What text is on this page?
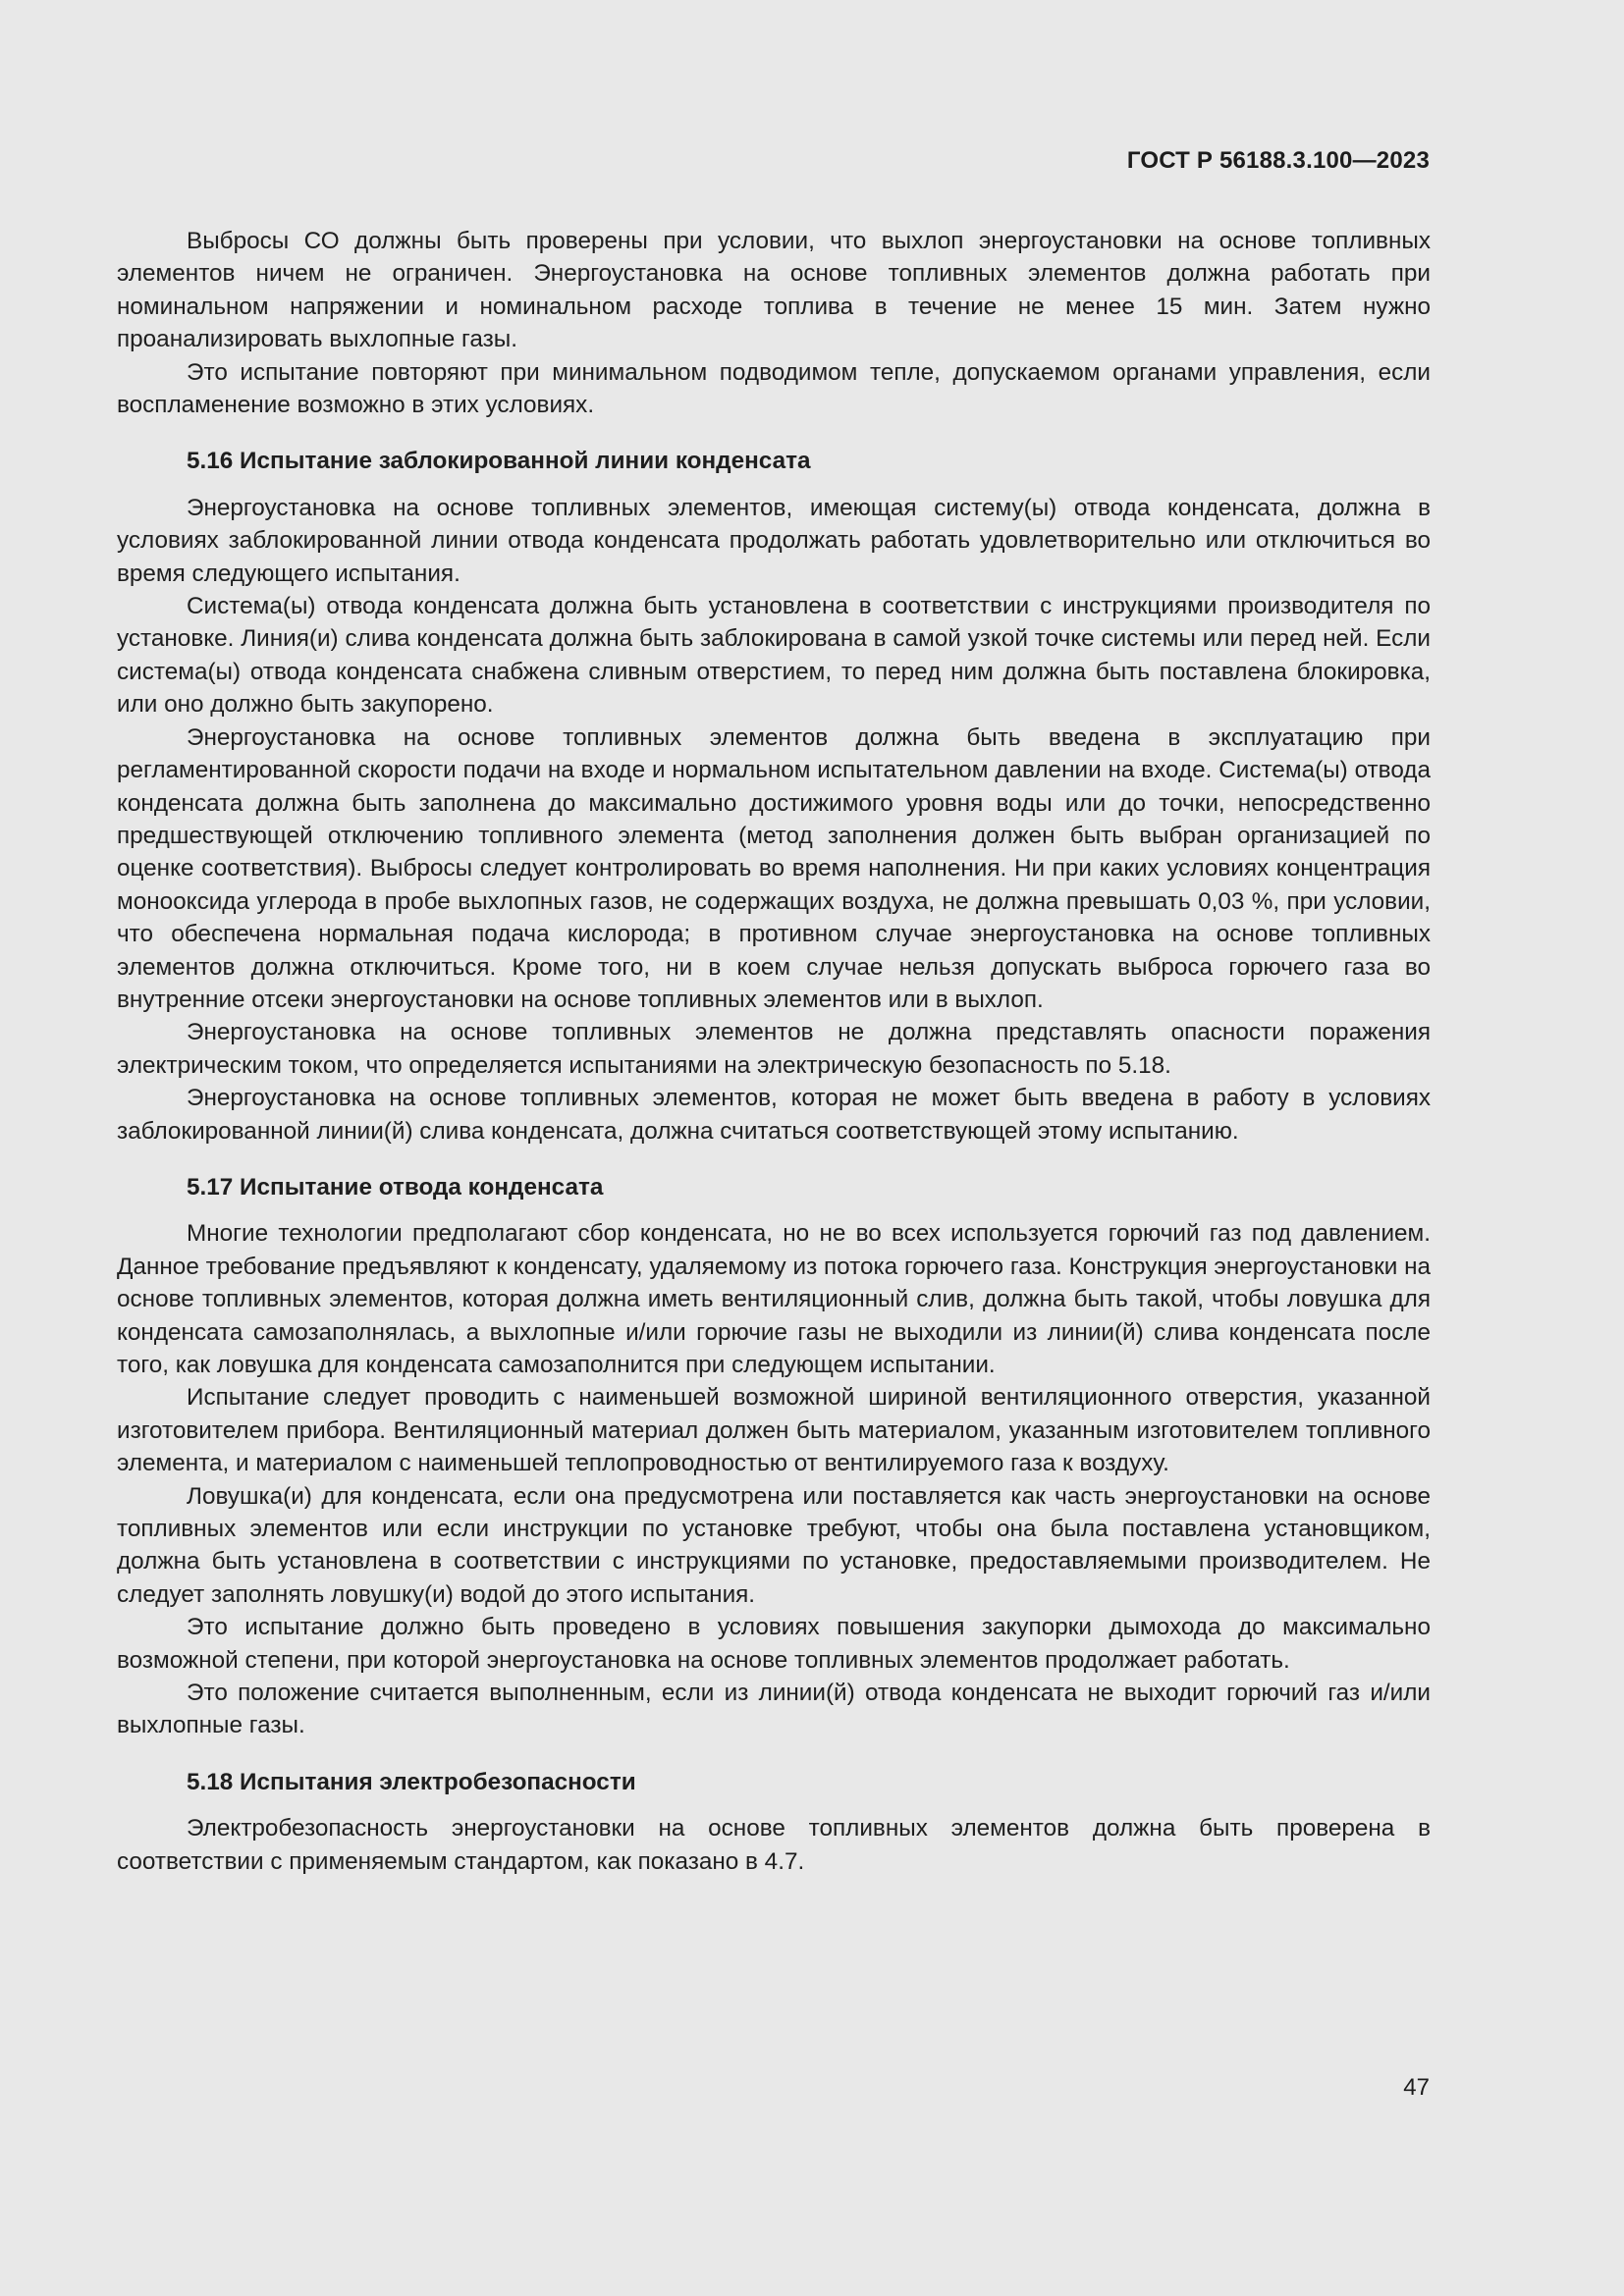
ГОСТ Р 56188.3.100—2023

Выбросы СО должны быть проверены при условии, что выхлоп энергоустановки на основе топливных элементов ничем не ограничен. Энергоустановка на основе топливных элементов должна работать при номинальном напряжении и номинальном расходе топлива в течение не менее 15 мин. Затем нужно проанализировать выхлопные газы.

Это испытание повторяют при минимальном подводимом тепле, допускаемом органами управления, если воспламенение возможно в этих условиях.

5.16 Испытание заблокированной линии конденсата

Энергоустановка на основе топливных элементов, имеющая систему(ы) отвода конденсата, должна в условиях заблокированной линии отвода конденсата продолжать работать удовлетворительно или отключиться во время следующего испытания.

Система(ы) отвода конденсата должна быть установлена в соответствии с инструкциями производителя по установке. Линия(и) слива конденсата должна быть заблокирована в самой узкой точке системы или перед ней. Если система(ы) отвода конденсата снабжена сливным отверстием, то перед ним должна быть поставлена блокировка, или оно должно быть закупорено.

Энергоустановка на основе топливных элементов должна быть введена в эксплуатацию при регламентированной скорости подачи на входе и нормальном испытательном давлении на входе. Система(ы) отвода конденсата должна быть заполнена до максимально достижимого уровня воды или до точки, непосредственно предшествующей отключению топливного элемента (метод заполнения должен быть выбран организацией по оценке соответствия). Выбросы следует контролировать во время наполнения. Ни при каких условиях концентрация монооксида углерода в пробе выхлопных газов, не содержащих воздуха, не должна превышать 0,03 %, при условии, что обеспечена нормальная подача кислорода; в противном случае энергоустановка на основе топливных элементов должна отключиться. Кроме того, ни в коем случае нельзя допускать выброса горючего газа во внутренние отсеки энергоустановки на основе топливных элементов или в выхлоп.

Энергоустановка на основе топливных элементов не должна представлять опасности поражения электрическим током, что определяется испытаниями на электрическую безопасность по 5.18.

Энергоустановка на основе топливных элементов, которая не может быть введена в работу в условиях заблокированной линии(й) слива конденсата, должна считаться соответствующей этому испытанию.

5.17 Испытание отвода конденсата

Многие технологии предполагают сбор конденсата, но не во всех используется горючий газ под давлением. Данное требование предъявляют к конденсату, удаляемому из потока горючего газа. Конструкция энергоустановки на основе топливных элементов, которая должна иметь вентиляционный слив, должна быть такой, чтобы ловушка для конденсата самозаполнялась, а выхлопные и/или горючие газы не выходили из линии(й) слива конденсата после того, как ловушка для конденсата самозаполнится при следующем испытании.

Испытание следует проводить с наименьшей возможной шириной вентиляционного отверстия, указанной изготовителем прибора. Вентиляционный материал должен быть материалом, указанным изготовителем топливного элемента, и материалом с наименьшей теплопроводностью от вентилируемого газа к воздуху.

Ловушка(и) для конденсата, если она предусмотрена или поставляется как часть энергоустановки на основе топливных элементов или если инструкции по установке требуют, чтобы она была поставлена установщиком, должна быть установлена в соответствии с инструкциями по установке, предоставляемыми производителем. Не следует заполнять ловушку(и) водой до этого испытания.

Это испытание должно быть проведено в условиях повышения закупорки дымохода до максимально возможной степени, при которой энергоустановка на основе топливных элементов продолжает работать.

Это положение считается выполненным, если из линии(й) отвода конденсата не выходит горючий газ и/или выхлопные газы.

5.18 Испытания электробезопасности

Электробезопасность энергоустановки на основе топливных элементов должна быть проверена в соответствии с применяемым стандартом, как показано в 4.7.

47
